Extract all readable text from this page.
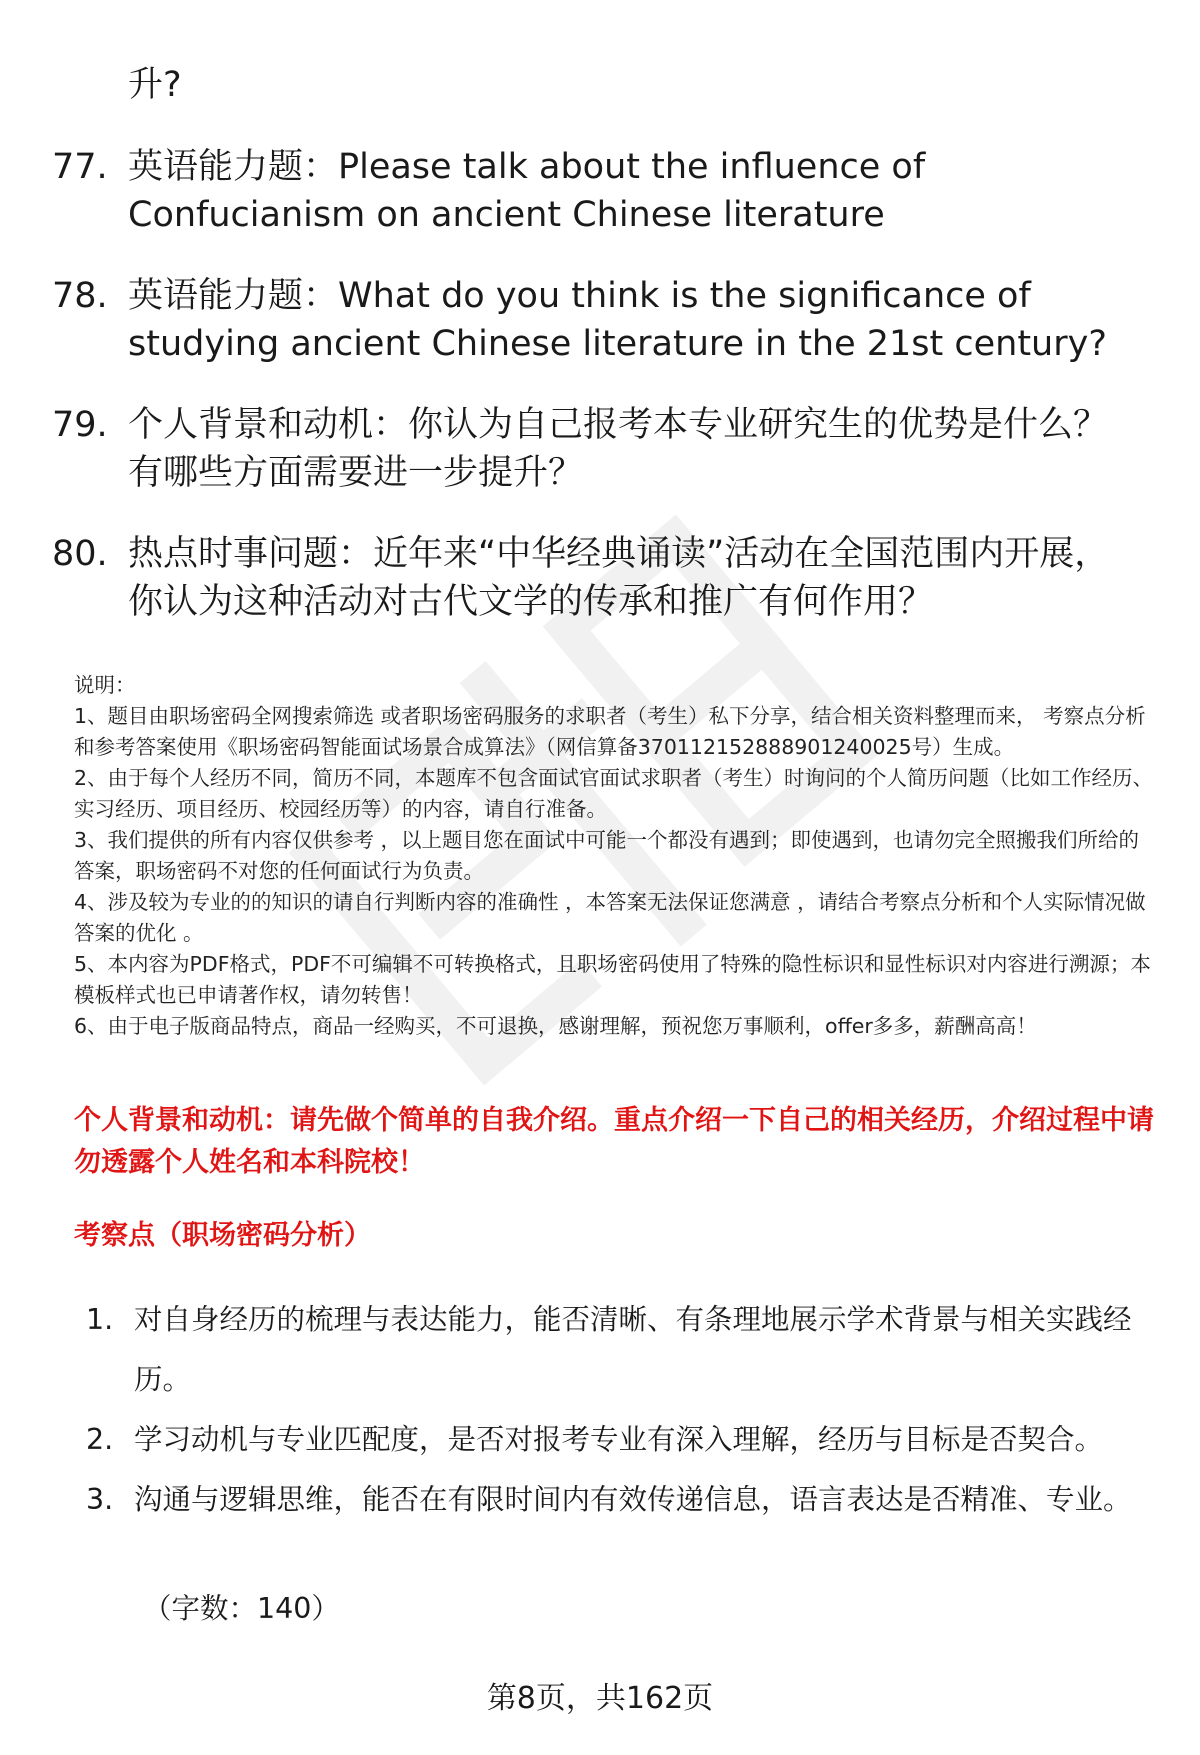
升?
77. 英语能力题：Please talk about the influence of Confucianism on ancient Chinese literature
78. 英语能力题：What do you think is the significance of studying ancient Chinese literature in the 21st century?
79. 个人背景和动机：你认为自己报考本专业研究生的优势是什么？有哪些方面需要进一步提升？
80. 热点时事问题：近年来“中华经典诵读”活动在全国范围内开展，你认为这种活动对古代文学的传承和推广有何作用？

说明：

1、题目由职场密码全网搜索筛选 或者职场密码服务的求职者（考生）私下分享，结合相关资料整理而来， 考察点分析和参考答案使用《职场密码智能面试场景合成算法》（网信算备370112152888901240025号）生成。

2、由于每个人经历不同，简历不同，本题库不包含面试官面试求职者（考生）时询问的个人简历问题（比如工作经历、实习经历、项目经历、校园经历等）的内容，请自行准备。

3、我们提供的所有内容仅供参考 ，以上题目您在面试中可能一个都没有遇到；即使遇到，也请勿完全照搬我们所给的答案，职场密码不对您的任何面试行为负责。

4、涉及较为专业的的知识的请自行判断内容的准确性 ，本答案无法保证您满意 ，请结合考察点分析和个人实际情况做答案的优化 。

5、本内容为PDF格式，PDF不可编辑不可转换格式，且职场密码使用了特殊的隐性标识和显性标识对内容进行溯源；本模板样式也已申请著作权，请勿转售！

6、由于电子版商品特点，商品一经购买，不可退换，感谢理解，预祝您万事顺利，offer多多，薪酬高高！

个人背景和动机：请先做个简单的自我介绍。重点介绍一下自己的相关经历，介绍过程中请勿透露个人姓名和本科院校！
考察点（职场密码分析）
1. 对自身经历的梳理与表达能力，能否清晰、有条理地展示学术背景与相关实践经历。
2. 学习动机与专业匹配度，是否对报考专业有深入理解，经历与目标是否契合。
3. 沟通与逻辑思维，能否在有限时间内有效传递信息，语言表达是否精准、专业。
（字数：140）
第8页，共162页
